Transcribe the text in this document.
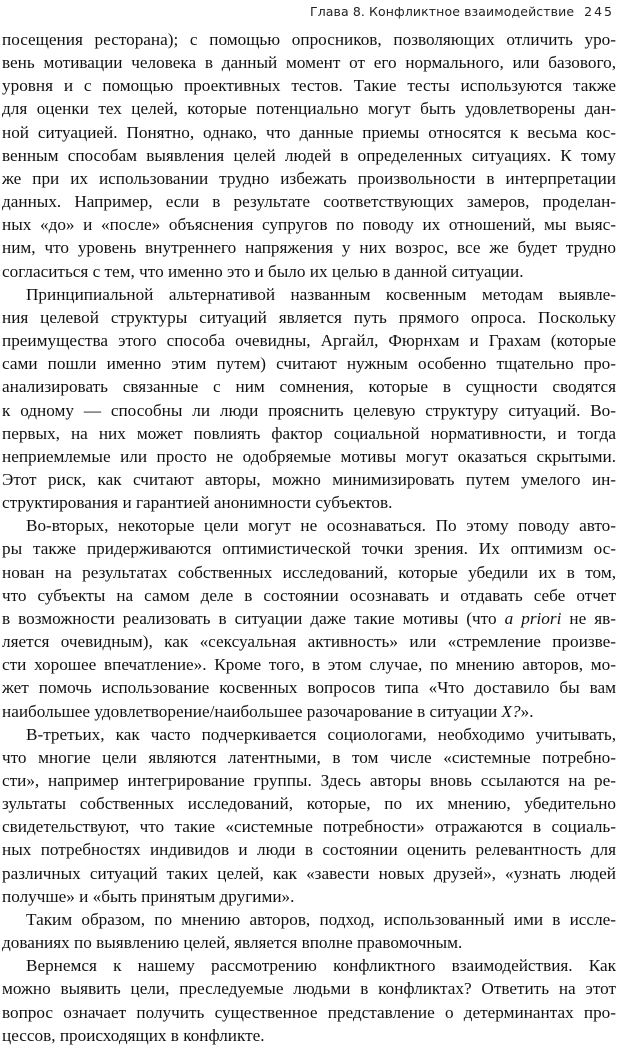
Глава 8. Конфликтное взаимодействие 245

посещения ресторана); с помощью опросников, позволяющих отличить уро-
вень мотивации человека в данный момент от его нормального, или базового,
уровня и с помощью проективных тестов. Такие тесты используются также
для оценки тех целей, которые потенциально могут быть удовлетворены дан-
ной ситуацией. Понятно, однако, что данные приемы относятся к весьма кос-
венным способам выявления целей людей в определенных ситуациях. К тому
же при их использовании трудно избежать произвольности в интерпретации
данных. Например, если в результате соответствующих замеров, проделан-
ных «до» и «после» объяснения супругов по поводу их отношений, мы выяс-
ним, что уровень внутреннего напряжения у них возрос, все же будет трудно
согласиться с тем, что именно это и было их целью в данной ситуации.

Принципиальной альтернативой названным косвенным методам выявле-
ния целевой структуры ситуаций является путь прямого опроса. Поскольку
преимущества этого способа очевидны, Аргайл, Фюрнхам и Грахам (которые
сами пошли именно этим путем) считают нужным особенно тщательно про-
анализировать связанные с ним сомнения, которые в сущности сводятся
к одному — способны ли люди прояснить целевую структуру ситуаций. Во-
первых, на них может повлиять фактор социальной нормативности, и тогда
неприемлемые или просто не одобряемые мотивы могут оказаться скрытыми.
Этот риск, как считают авторы, можно минимизировать путем умелого ин-
структирования и гарантией анонимности субъектов.

Во-вторых, некоторые цели могут не осознаваться. По этому поводу авто-
ры также придерживаются оптимистической точки зрения. Их оптимизм ос-
нован на результатах собственных исследований, которые убедили их в том,
что субъекты на самом деле в состоянии осознавать и отдавать себе отчет
в возможности реализовать в ситуации даже такие мотивы (что a priori не яв-
ляется очевидным), как «сексуальная активность» или «стремление произве-
сти хорошее впечатление». Кроме того, в этом случае, по мнению авторов, мо-
жет помочь использование косвенных вопросов типа «Что доставило бы вам
наибольшее удовлетворение/наибольшее разочарование в ситуации X?».

В-третьих, как часто подчеркивается социологами, необходимо учитывать,
что многие цели являются латентными, в том числе «системные потребно-
сти», например интегрирование группы. Здесь авторы вновь ссылаются на ре-
зультаты собственных исследований, которые, по их мнению, убедительно
свидетельствуют, что такие «системные потребности» отражаются в социаль-
ных потребностях индивидов и люди в состоянии оценить релевантность для
различных ситуаций таких целей, как «завести новых друзей», «узнать людей
получше» и «быть принятым другими».

Таким образом, по мнению авторов, подход, использованный ими в иссле-
дованиях по выявлению целей, является вполне правомочным.

Вернемся к нашему рассмотрению конфликтного взаимодействия. Как
можно выявить цели, преследуемые людьми в конфликтах? Ответить на этот
вопрос означает получить существенное представление о детерминантах про-
цессов, происходящих в конфликте.
